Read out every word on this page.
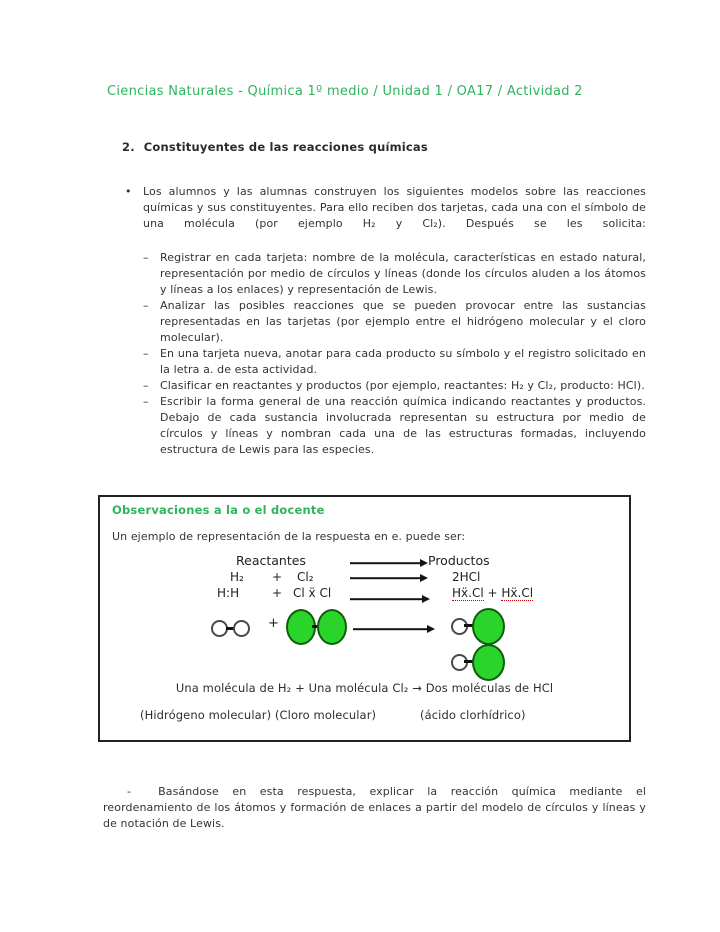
Ciencias Naturales - Química 1º medio / Unidad 1 / OA17 / Actividad 2
2. Constituyentes de las reacciones químicas
• Los alumnos y las alumnas construyen los siguientes modelos sobre las reacciones químicas y sus constituyentes. Para ello reciben dos tarjetas, cada una con el símbolo de una molécula (por ejemplo H₂ y Cl₂). Después se les solicita:
– Registrar en cada tarjeta: nombre de la molécula, características en estado natural, representación por medio de círculos y líneas (donde los círculos aluden a los átomos y líneas a los enlaces) y representación de Lewis.
– Analizar las posibles reacciones que se pueden provocar entre las sustancias representadas en las tarjetas (por ejemplo entre el hidrógeno molecular y el cloro molecular).
– En una tarjeta nueva, anotar para cada producto su símbolo y el registro solicitado en la letra a. de esta actividad.
– Clasificar en reactantes y productos (por ejemplo, reactantes: H₂ y Cl₂, producto: HCl).
– Escribir la forma general de una reacción química indicando reactantes y productos. Debajo de cada sustancia involucrada representan su estructura por medio de círculos y líneas y nombran cada una de las estructuras formadas, incluyendo estructura de Lewis para las especies.
Observaciones a la o el docente
Un ejemplo de representación de la respuesta en e. puede ser:
Reactantes	Productos
H₂ + Cl₂	2HCl
H:H	+ Cl ẍ Cl	Hẍ.Cl + Hẍ.Cl
+
Una molécula de H₂ + Una molécula Cl₂ → Dos moléculas de HCl
(Hidrógeno molecular) (Cloro molecular)	(ácido clorhídrico)
- Basándose en esta respuesta, explicar la reacción química mediante el reordenamiento de los átomos y formación de enlaces a partir del modelo de círculos y líneas y de notación de Lewis.
